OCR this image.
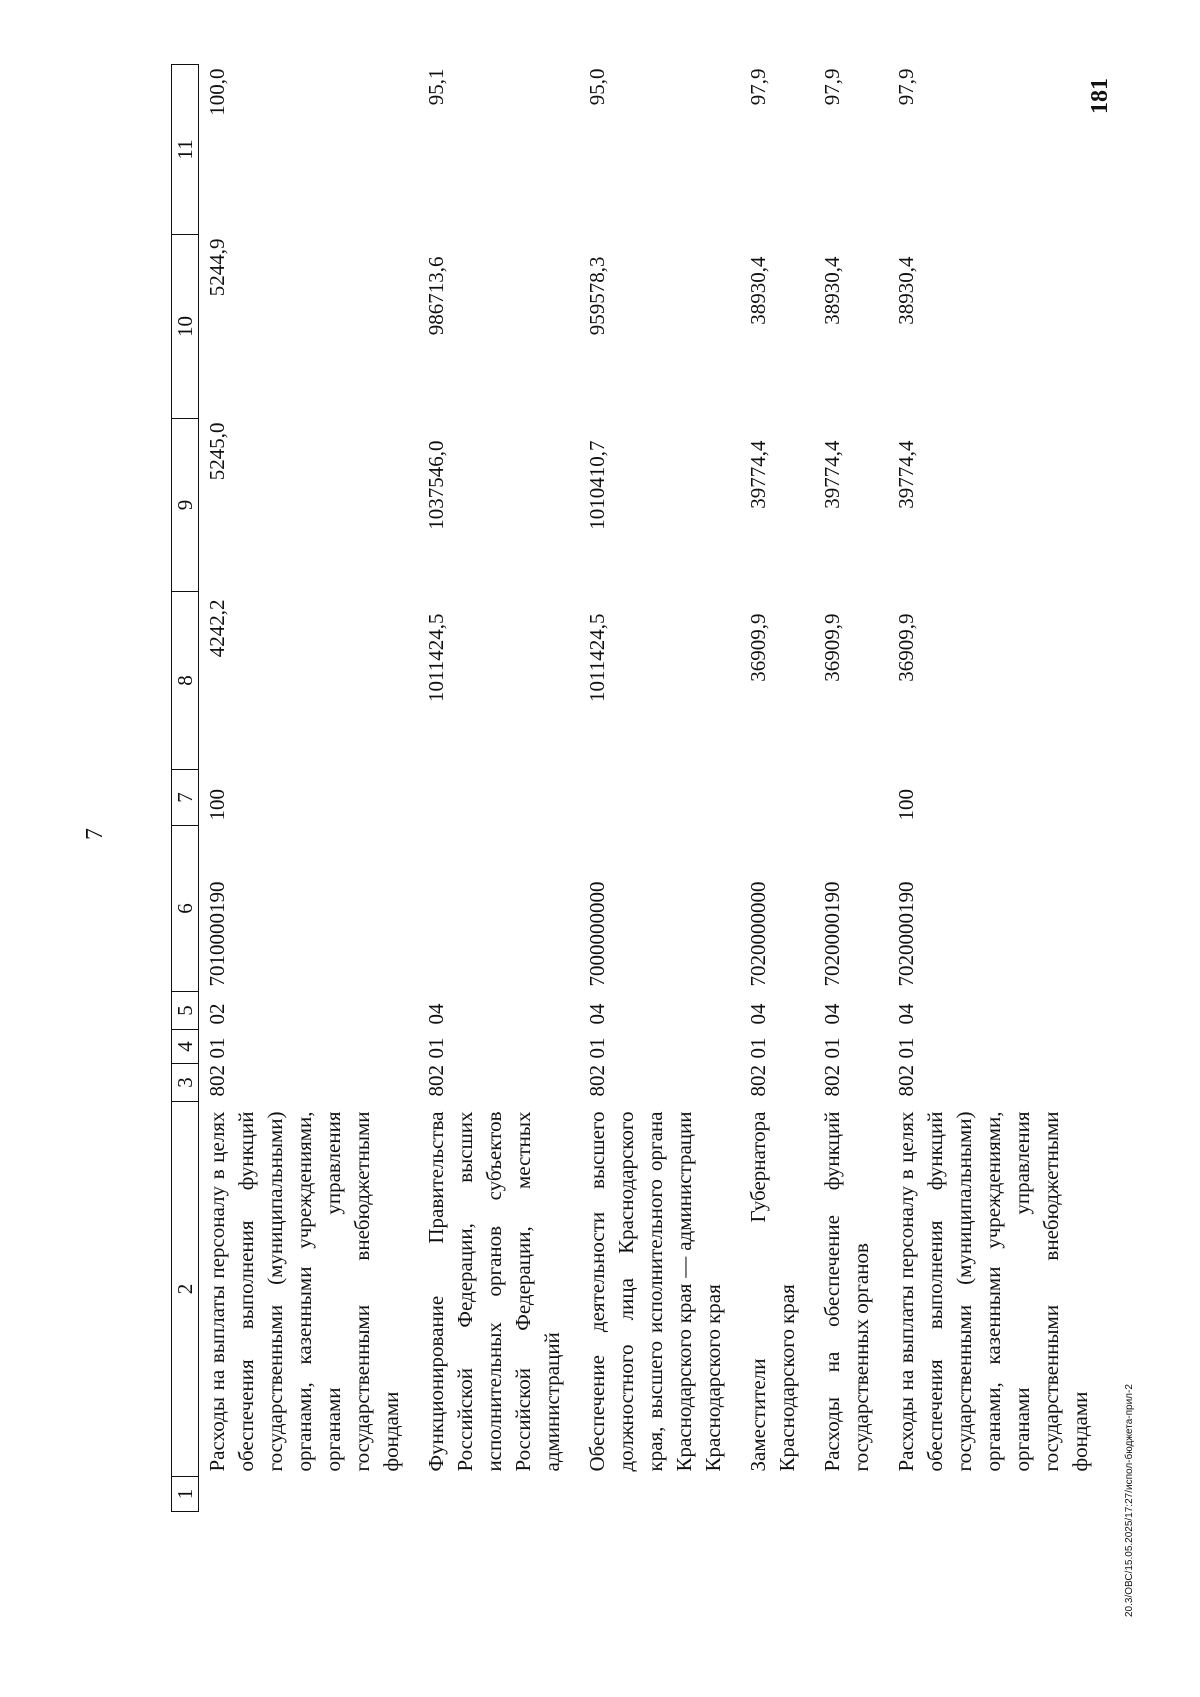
7
1	2	3	4	5	6	7	8	9	10	11
	Расходы на выплаты персоналу в целях обеспечения выполнения функций государственными (муниципальными) органами, казенными учреждениями, органами управления государственными внебюджетными фондами	802	01	02	7010000190	100	4242,2	5245,0	5244,9	100,0
	Функционирование Правительства Российской Федерации, высших исполнительных органов субъектов Российской Федерации, местных администраций	802	01	04			1011424,5	1037546,0	986713,6	95,1
	Обеспечение деятельности высшего должностного лица Краснодарского края, высшего исполнительного органа Краснодарского края — администрации Краснодарского края	802	01	04	7000000000		1011424,5	1010410,7	959578,3	95,0
	Заместители Губернатора Краснодарского края	802	01	04	7020000000		36909,9	39774,4	38930,4	97,9
	Расходы на обеспечение функций государственных органов	802	01	04	7020000190		36909,9	39774,4	38930,4	97,9
	Расходы на выплаты персоналу в целях обеспечения выполнения функций государственными (муниципальными) органами, казенными учреждениями, органами управления государственными внебюджетными фондами	802	01	04	7020000190	100	36909,9	39774,4	38930,4	97,9
20.3/ОВС/15.05.2025/17:27/испол-бюджета-прил-2
181
